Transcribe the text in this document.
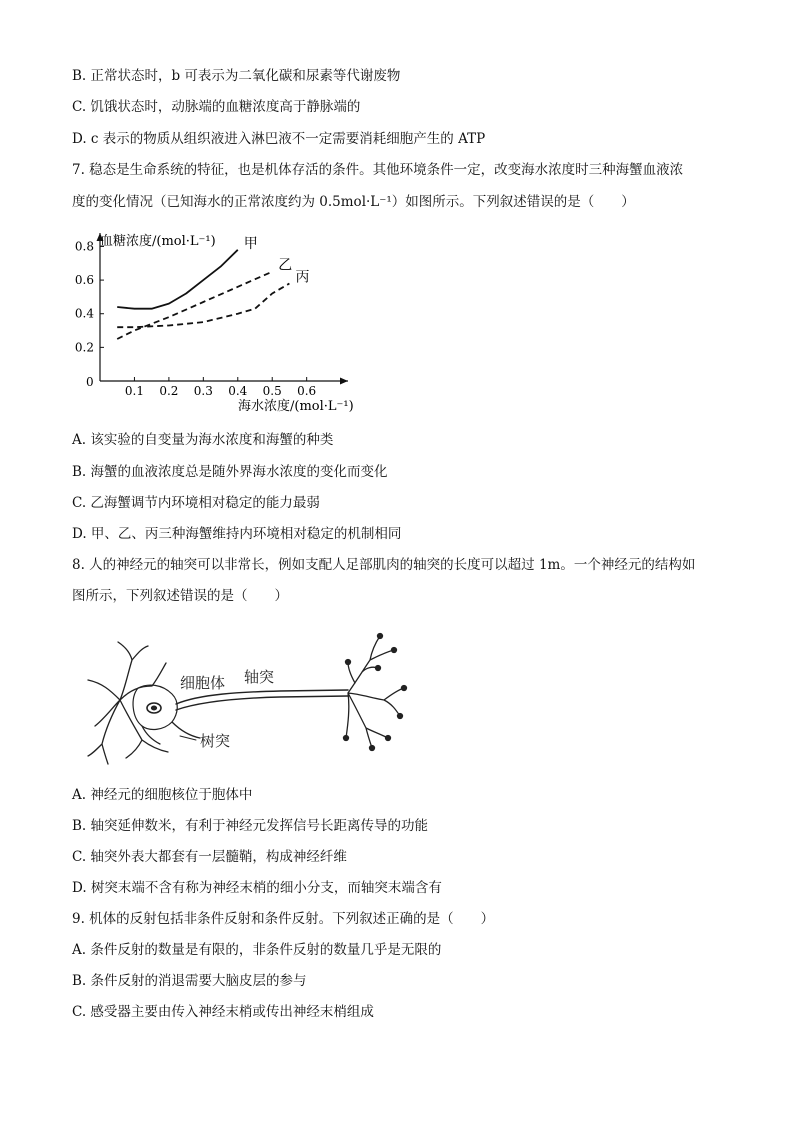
B. 正常状态时，b 可表示为二氧化碳和尿素等代谢废物
C. 饥饿状态时，动脉端的血糖浓度高于静脉端的
D. c 表示的物质从组织液进入淋巴液不一定需要消耗细胞产生的 ATP
7. 稳态是生命系统的特征，也是机体存活的条件。其他环境条件一定，改变海水浓度时三种海蟹血液浓
度的变化情况（已知海水的正常浓度约为 0.5mol·L⁻¹）如图所示。下列叙述错误的是（　　）
0.1 0.2 0.3 0.4 0.5 0.6
0.2
0.4
0.6
0.8	甲
乙
丙
血糖浓度/(mol·L⁻¹)
海水浓度/(mol·L⁻¹)
0
A. 该实验的自变量为海水浓度和海蟹的种类
B. 海蟹的血液浓度总是随外界海水浓度的变化而变化
C. 乙海蟹调节内环境相对稳定的能力最弱
D. 甲、乙、丙三种海蟹维持内环境相对稳定的机制相同
8. 人的神经元的轴突可以非常长，例如支配人足部肌肉的轴突的长度可以超过 1m。一个神经元的结构如
图所示，下列叙述错误的是（　　）
细胞体 轴突
树突
A. 神经元的细胞核位于胞体中
B. 轴突延伸数米，有利于神经元发挥信号长距离传导的功能
C. 轴突外表大都套有一层髓鞘，构成神经纤维
D. 树突末端不含有称为神经末梢的细小分支，而轴突末端含有
9. 机体的反射包括非条件反射和条件反射。下列叙述正确的是（　　）
A. 条件反射的数量是有限的，非条件反射的数量几乎是无限的
B. 条件反射的消退需要大脑皮层的参与
C. 感受器主要由传入神经末梢或传出神经末梢组成
